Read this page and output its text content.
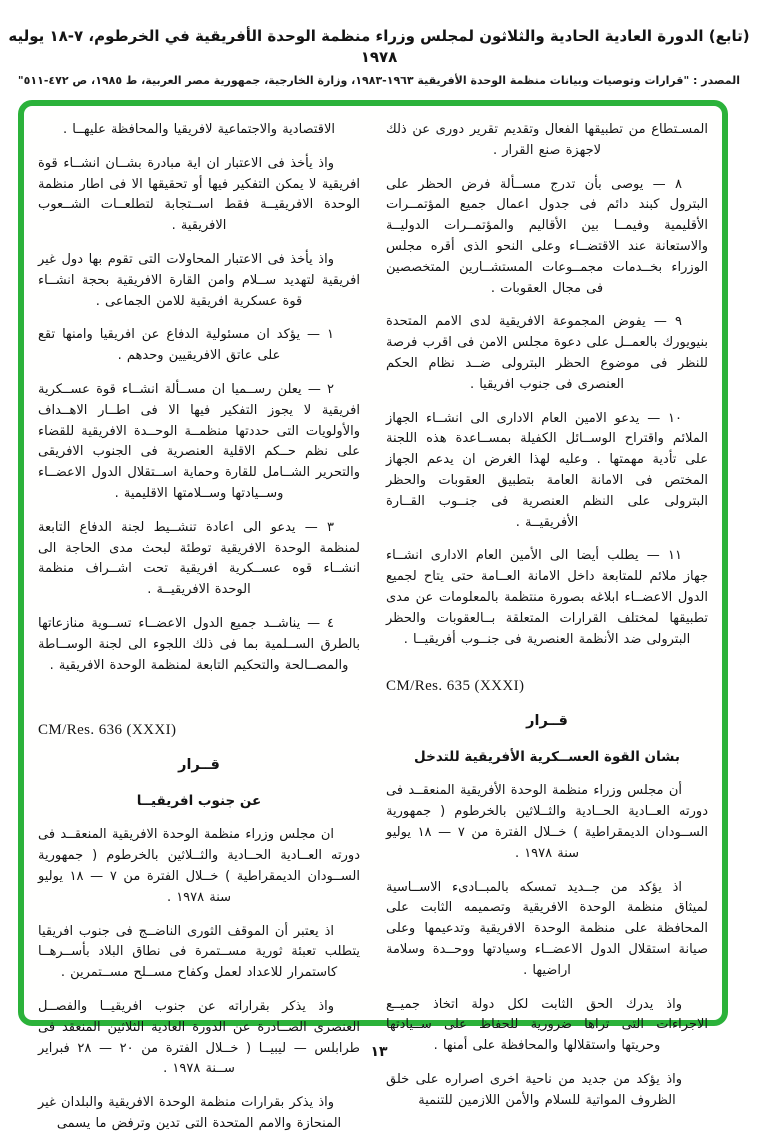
(تابع) الدورة العادية الحادية والثلاثون لمجلس وزراء منظمة الوحدة الأفريقية في الخرطوم، ٧-١٨ يوليه ١٩٧٨
المصدر : "قرارات وتوصيات وبيانات منظمة الوحدة الأفريقية ١٩٦٣-١٩٨٣، وزارة الخارجية، جمهورية مصر العربية، ط ١٩٨٥، ص ٤٧٢-٥١١"

المسـتطاع من تطبيقها الفعال وتقديم تقرير دورى عن ذلك لاجهزة صنع القرار .

٨ — يوصى بأن تدرج مســألة فرض الحظر على البترول كبند دائم فى جدول اعمال جميع المؤتمــرات الأقليمية وفيمــا بين الأقاليم والمؤتمــرات الدوليــة والاستعانة عند الاقتضــاء وعلى النحو الذى أقره مجلس الوزراء بخــدمات مجمــوعات المستشــارين المتخصصين فى مجال العقوبات .

٩ — يفوض المجموعة الافريقية لدى الامم المتحدة بنيويورك بالعمــل على دعوة مجلس الامن فى اقرب فرصة للنظر فى موضوع الحظر البترولى ضــد نظام الحكم العنصرى فى جنوب افريقيا .

١٠ — يدعو الامين العام الادارى الى انشــاء الجهاز الملائم واقتراح الوســائل الكفيلة بمســاعدة هذه اللجنة على تأدية مهمتها . وعليه لهذا الغرض ان يدعم الجهاز المختص فى الامانة العامة بتطبيق العقوبات والحظر البترولى على النظم العنصرية فى جنــوب القــارة الأفريقيــة .

١١ — يطلب أيضا الى الأمين العام الادارى انشــاء جهاز ملائم للمتابعة داخل الامانة العــامة حتى يتاح لجميع الدول الاعضــاء ابلاغه بصورة منتظمة بالمعلومات عن مدى تطبيقها لمختلف القرارات المتعلقة بــالعقوبات والحظر البترولى ضد الأنظمة العنصرية فى جنــوب أفريقيــا .

CM/Res. 635 (XXXI)
قــرار
بشان القوة العســكرية الأفريقية للتدخل

أن مجلس وزراء منظمة الوحدة الأفريقية المنعقــد فى دورته العــادية الحــادية والثــلاثين بالخرطوم ( جمهورية الســودان الديمقراطية ) خــلال الفترة من ٧ — ١٨ يوليو سنة ١٩٧٨ .

اذ يؤكد من جــديد تمسكه بالمبــادىء الاســاسية لميثاق منظمة الوحدة الافريقية وتصميمه الثابت على المحافظة على منظمة الوحدة الافريقية وتدعيمها وعلى صيانة استقلال الدول الاعضــاء وسيادتها ووحــدة وسلامة اراضيها .

واذ يدرك الحق الثابت لكل دولة اتخاذ جميــع الاجراءات التى تراها ضرورية للحفاظ على ســيادتها وحريتها واستقلالها والمحافظة على أمنها .

واذ يؤكد من جديد من ناحية اخرى اصراره على خلق الظروف المواتية للسلام والأمن اللازمين للتنمية

الاقتصادية والاجتماعية لافريقيا والمحافظة عليهــا .

واذ يأخذ فى الاعتبار ان اية مبادرة بشــان انشــاء قوة افريقية لا يمكن التفكير فيها أو تحقيقها الا فى اطار منظمة الوحدة الافريقيــة فقط اســتجابة لتطلعــات الشــعوب الافريقية .

واذ يأخذ فى الاعتبار المحاولات التى تقوم بها دول غير افريقية لتهديد ســلام وامن القارة الافريقية بحجة انشــاء قوة عسكرية افريقية للامن الجماعى .

١ — يؤكد ان مسئولية الدفاع عن افريقيا وامنها تقع على عاتق الافريقيين وحدهم .

٢ — يعلن رســميا ان مســألة انشــاء قوة عســكرية افريقية لا يجوز التفكير فيها الا فى اطــار الاهــداف والأولويات التى حددتها منظمــة الوحــدة الافريقية للقضاء على نظم حــكم الاقلية العنصرية فى الجنوب الافريقى والتحرير الشــامل للقارة وحماية اســتقلال الدول الاعضــاء وســيادتها وســلامتها الاقليمية .

٣ — يدعو الى اعادة تنشــيط لجنة الدفاع التابعة لمنظمة الوحدة الافريقية توطئة لبحث مدى الحاجة الى انشــاء قوه عســكرية افريقية تحت اشــراف منظمة الوحدة الافريقيــة .

٤ — يناشــد جميع الدول الاعضــاء تســوية منازعاتها بالطرق الســلمية بما فى ذلك اللجوء الى لجنة الوســاطة والمصــالحة والتحكيم التابعة لمنظمة الوحدة الافريقية .

CM/Res. 636 (XXXI)
قــرار
عن جنوب افريقيــا

ان مجلس وزراء منظمة الوحدة الافريقية المنعقــد فى دورته العــادية الحــادية والثــلاثين بالخرطوم ( جمهورية الســودان الديمقراطية ) خــلال الفترة من ٧ — ١٨ يوليو سنة ١٩٧٨ .

اذ يعتبر أن الموقف الثورى الناضــج فى جنوب افريقيا يتطلب تعبئة ثورية مســتمرة فى نطاق البلاد بأســرهــا كاستمرار للاعداد لعمل وكفاح مســلح مســتمرين .

واذ يذكر بقراراته عن جنوب افريقيــا والفصــل العنصرى الصــادرة عن الدورة العادية الثلاثين المنعقد فى طرابلس — ليبيــا ( خــلال الفترة من ٢٠ — ٢٨ فبراير ســنة ١٩٧٨ .

واذ يذكر بقرارات منظمة الوحدة الافريقية والبلدان غير المنحازة والامم المتحدة التى تدين وترفض ما يسمى

١٣
